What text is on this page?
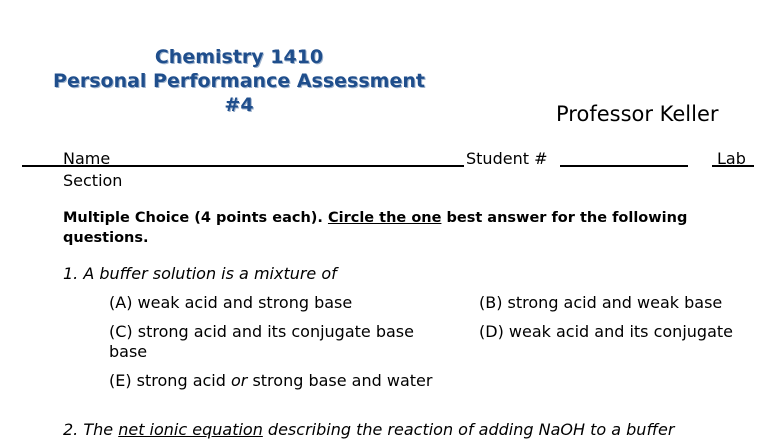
Chemistry 1410
Personal Performance Assessment
#4	Professor Keller
Name	Student #	Lab
Section
Multiple Choice (4 points each). Circle the one best answer for the following questions.
1. A buffer solution is a mixture of
(A) weak acid and strong base	(B) strong acid and weak base
(C) strong acid and its conjugate base
base
(D) weak acid and its conjugate
(E) strong acid or strong base and water
2. The net ionic equation describing the reaction of adding NaOH to a buffer
